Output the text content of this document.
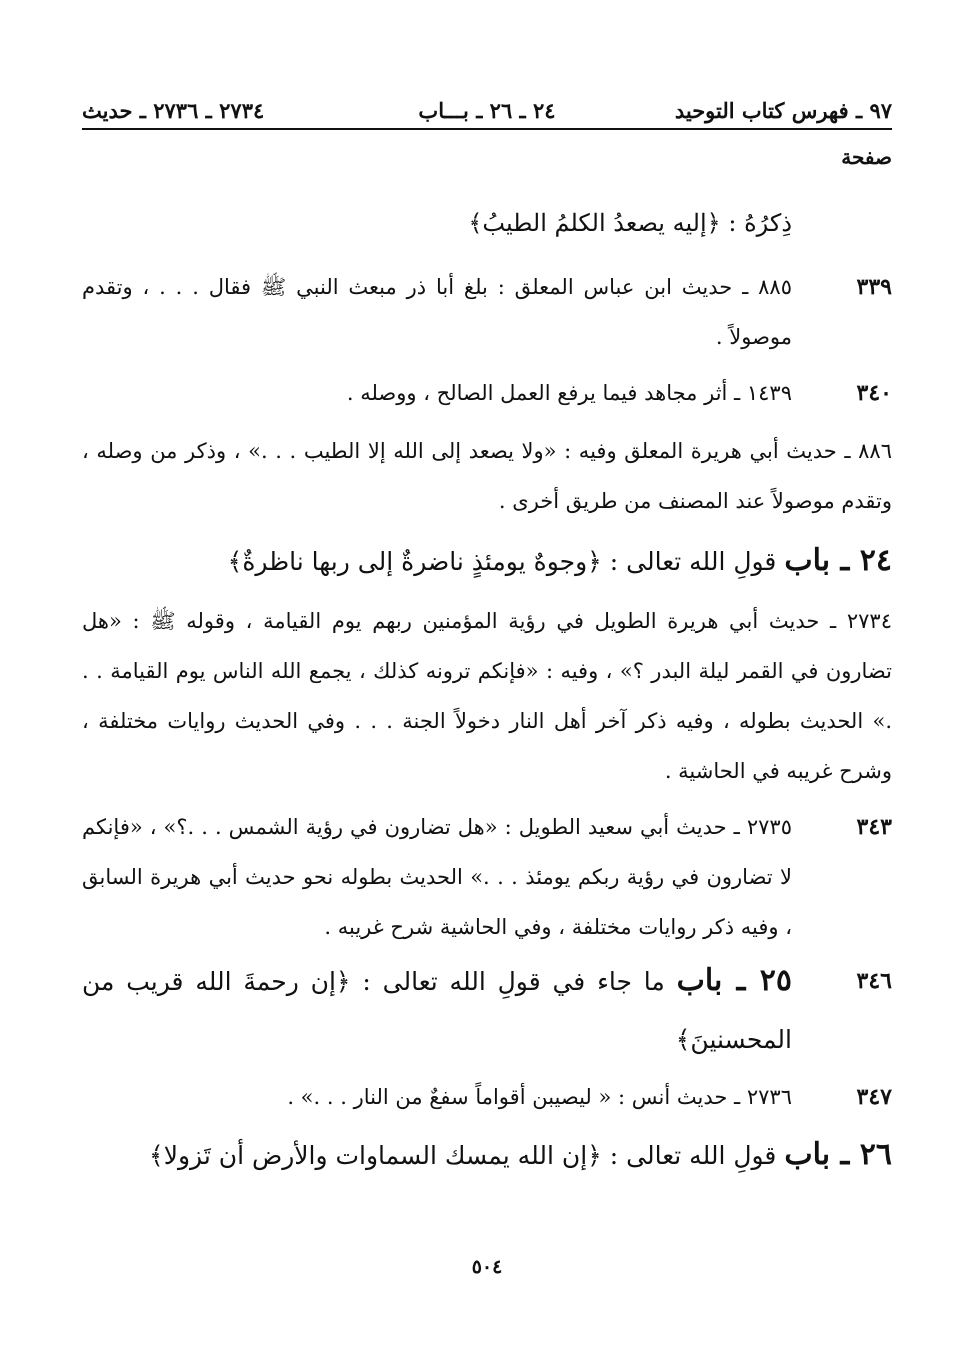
٩٧ ـ فهرس كتاب التوحيد
٢٤ ـ ٢٦ ـ بـــاب
٢٧٣٤ ـ ٢٧٣٦ ـ حديث
صفحة
ذِكرُهُ : ﴿إليه يصعدُ الكلمُ الطيبُ﴾
٣٣٩
٨٨٥ ـ حديث ابن عباس المعلق : بلغ أبا ذر مبعث النبي ﷺ فقال . . . ، وتقدم موصولاً .
٣٤٠
١٤٣٩ ـ أثر مجاهد فيما يرفع العمل الصالح ، ووصله .
٨٨٦ ـ حديث أبي هريرة المعلق وفيه : «ولا يصعد إلى الله إلا الطيب . . .» ، وذكر من وصله ، وتقدم موصولاً عند المصنف من طريق أخرى .
٢٤ ـ باب قولِ الله تعالى : ﴿وجوهٌ يومئذٍ ناضرةٌ إلى ربها ناظرةٌ﴾
٢٧٣٤ ـ حديث أبي هريرة الطويل في رؤية المؤمنين ربهم يوم القيامة ، وقوله ﷺ : «هل تضارون في القمر ليلة البدر ؟» ، وفيه : «فإنكم ترونه كذلك ، يجمع الله الناس يوم القيامة . . .» الحديث بطوله ، وفيه ذكر آخر أهل النار دخولاً الجنة . . . وفي الحديث روايات مختلفة ، وشرح غريبه في الحاشية .
٣٤٣
٢٧٣٥ ـ حديث أبي سعيد الطويل : «هل تضارون في رؤية الشمس . . .؟» ، «فإنكم لا تضارون في رؤية ربكم يومئذ . . .» الحديث بطوله نحو حديث أبي هريرة السابق ، وفيه ذكر روايات مختلفة ، وفي الحاشية شرح غريبه .
٣٤٦
٢٥ ـ باب ما جاء في قولِ الله تعالى : ﴿إن رحمةَ الله قريب من المحسنينَ﴾
٣٤٧
٢٧٣٦ ـ حديث أنس : « ليصيبن أقواماً سفعٌ من النار . . .» .
٢٦ ـ باب قولِ الله تعالى : ﴿إن الله يمسك السماوات والأرض أن تَزولا﴾
٥٠٤
